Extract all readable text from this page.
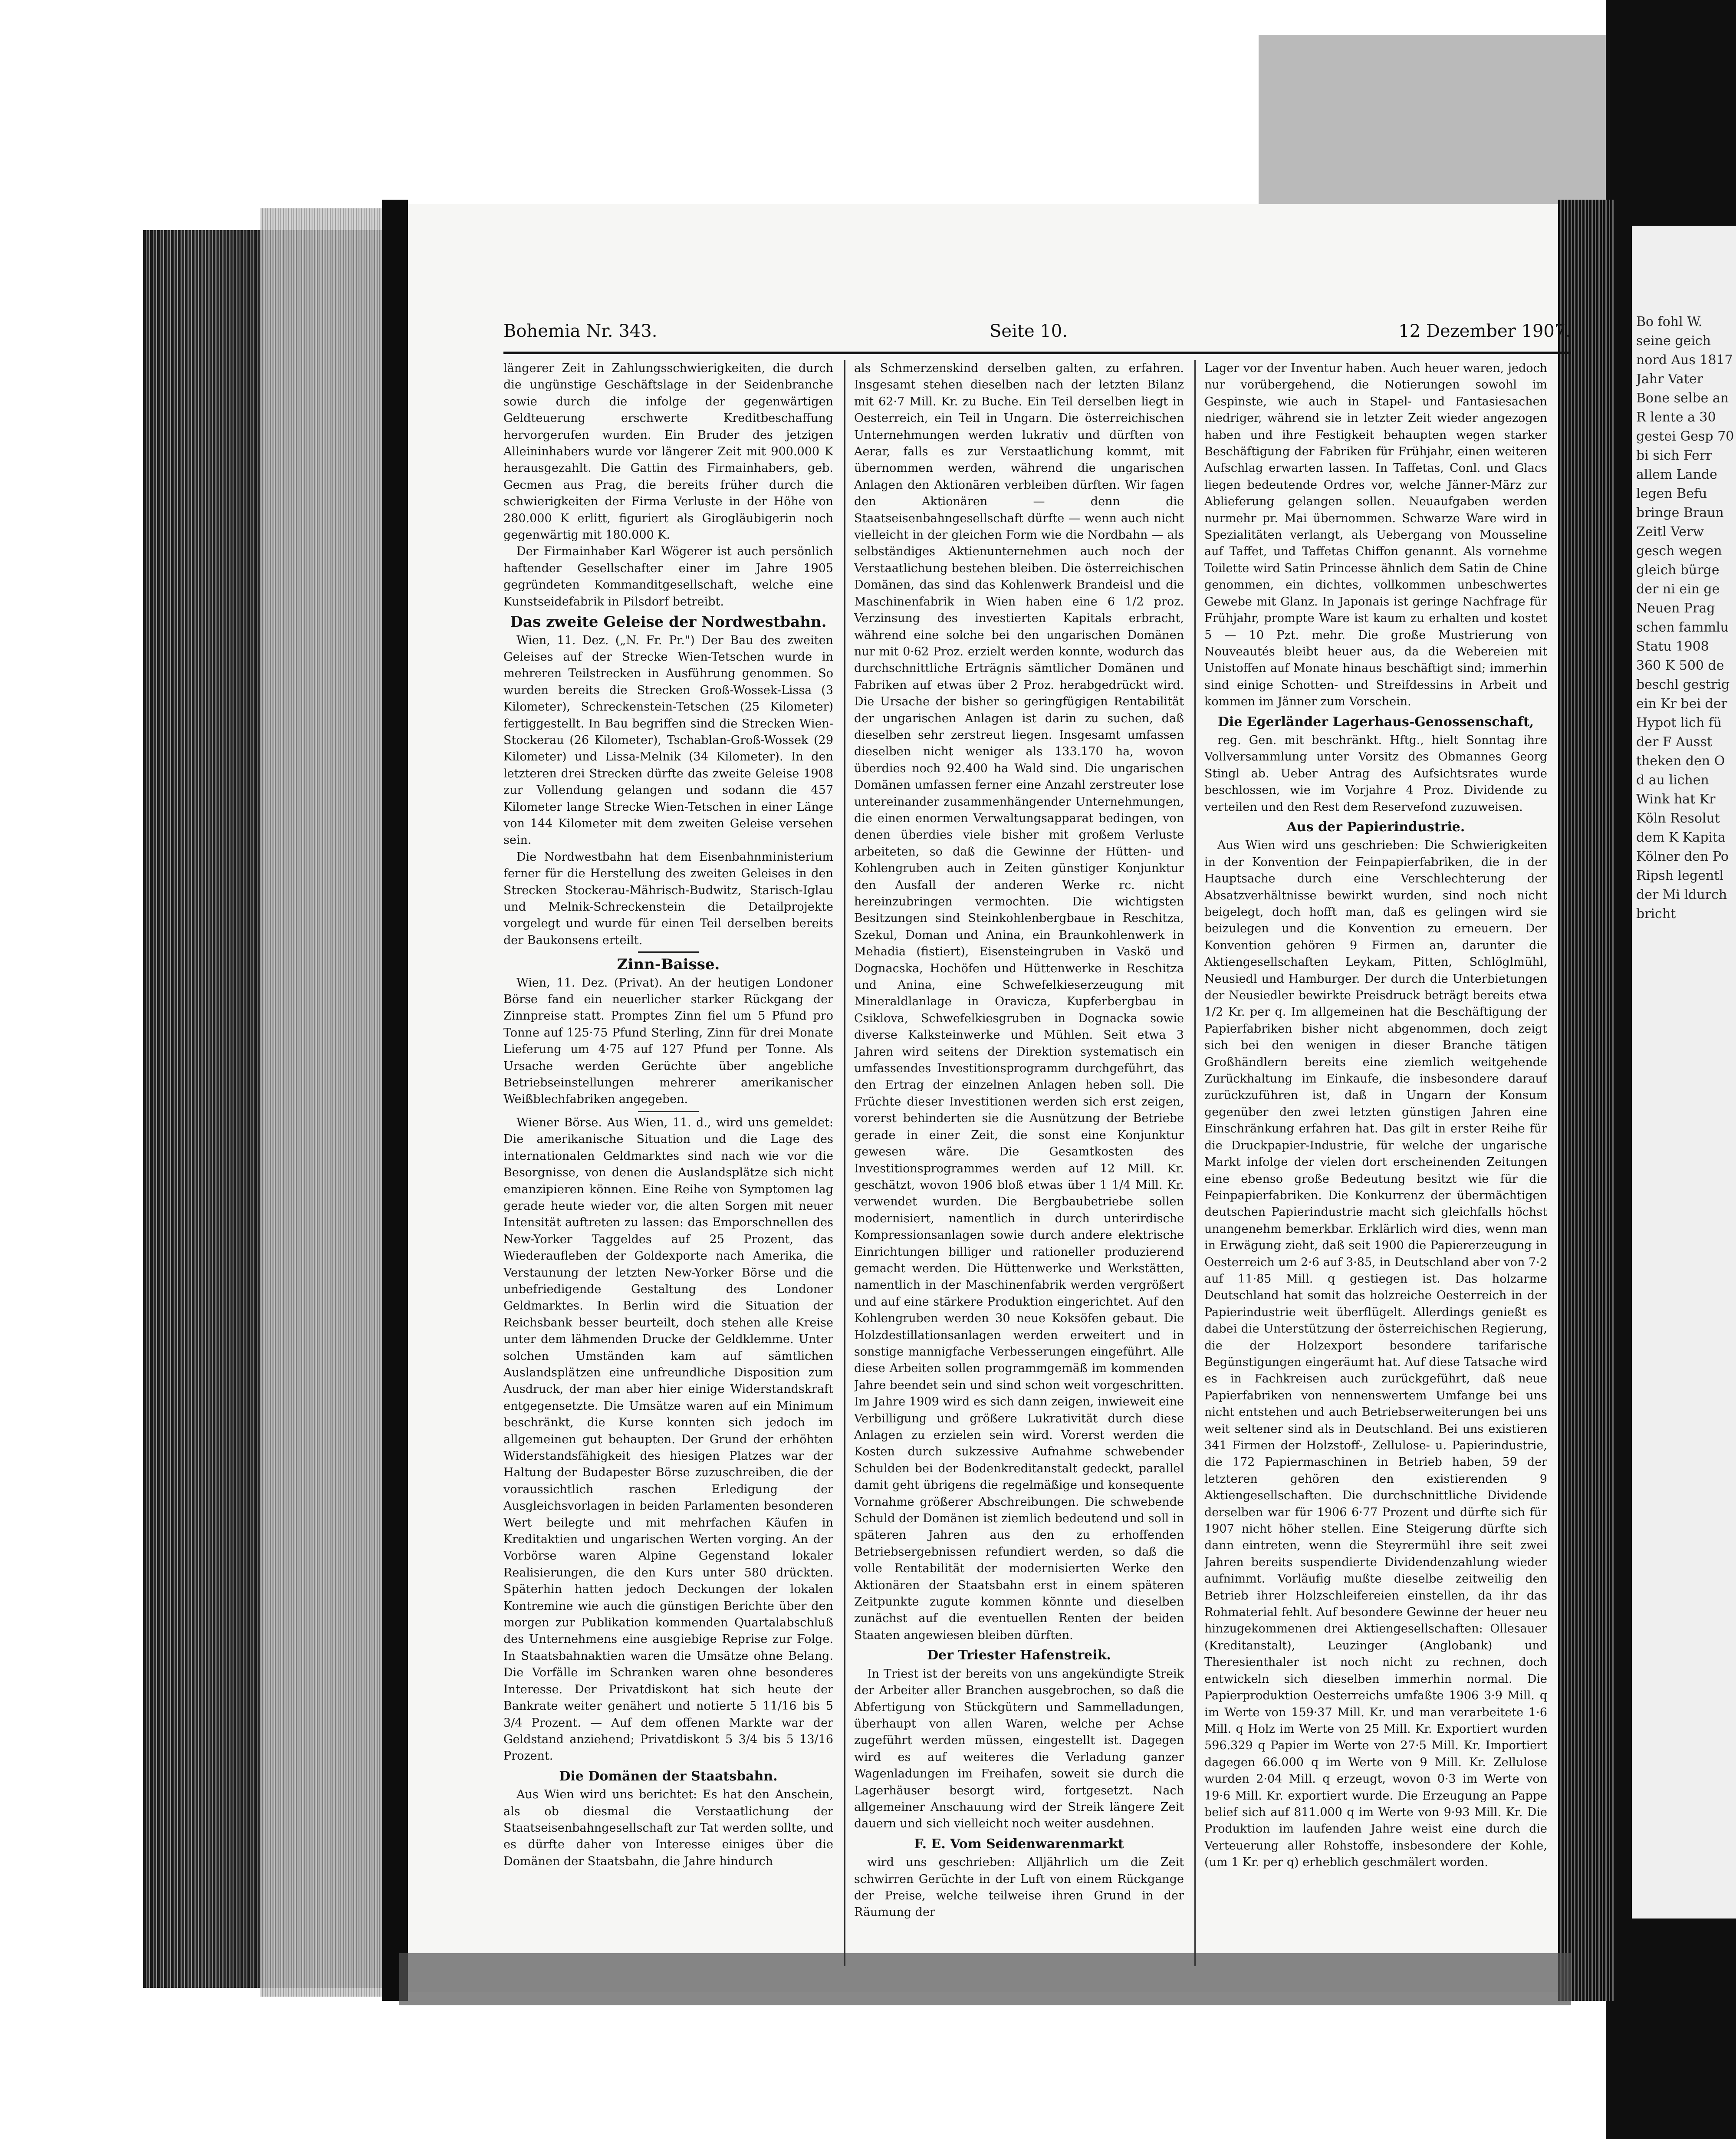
Bohemia Nr. 343.	Seite 10.	12 Dezember 1907.

längerer Zeit in Zahlungsschwierigkeiten, die durch die ungünstige Geschäftslage in der Seidenbranche sowie durch die infolge der gegenwärtigen Geldteuerung erschwerte Kreditbeschaffung hervorgerufen wurden. Ein Bruder des jetzigen Alleininhabers wurde vor längerer Zeit mit 900.000 K herausgezahlt. Die Gattin des Firmainhabers, geb. Gecmen aus Prag, die bereits früher durch die schwierigkeiten der Firma Verluste in der Höhe von 280.000 K erlitt, figuriert als Girogläubigerin noch gegenwärtig mit 180.000 K.

Der Firmainhaber Karl Wögerer ist auch persönlich haftender Gesellschafter einer im Jahre 1905 gegründeten Kommanditgesellschaft, welche eine Kunstseidefabrik in Pilsdorf betreibt.

Das zweite Geleise der Nordwestbahn.

Wien, 11. Dez. („N. Fr. Pr.") Der Bau des zweiten Geleises auf der Strecke Wien-Tetschen wurde in mehreren Teilstrecken in Ausführung genommen. So wurden bereits die Strecken Groß-Wossek-Lissa (3 Kilometer), Schreckenstein-Tetschen (25 Kilometer) fertiggestellt. In Bau begriffen sind die Strecken Wien-Stockerau (26 Kilometer), Tschablan-Groß-Wossek (29 Kilometer) und Lissa-Melnik (34 Kilometer). In den letzteren drei Strecken dürfte das zweite Geleise 1908 zur Vollendung gelangen und sodann die 457 Kilometer lange Strecke Wien-Tetschen in einer Länge von 144 Kilometer mit dem zweiten Geleise versehen sein.

Die Nordwestbahn hat dem Eisenbahnministerium ferner für die Herstellung des zweiten Geleises in den Strecken Stockerau-Mährisch-Budwitz, Starisch-Iglau und Melnik-Schreckenstein die Detailprojekte vorgelegt und wurde für einen Teil derselben bereits der Baukonsens erteilt.

Zinn-Baisse.

Wien, 11. Dez. (Privat). An der heutigen Londoner Börse fand ein neuerlicher starker Rückgang der Zinnpreise statt. Promptes Zinn fiel um 5 Pfund pro Tonne auf 125·75 Pfund Sterling, Zinn für drei Monate Lieferung um 4·75 auf 127 Pfund per Tonne. Als Ursache werden Gerüchte über angebliche Betriebseinstellungen mehrerer amerikanischer Weißblechfabriken angegeben.

Wiener Börse. Aus Wien, 11. d., wird uns gemeldet: Die amerikanische Situation und die Lage des internationalen Geldmarktes sind nach wie vor die Besorgnisse, von denen die Auslandsplätze sich nicht emanzipieren können. Eine Reihe von Symptomen lag gerade heute wieder vor, die alten Sorgen mit neuer Intensität auftreten zu lassen: das Emporschnellen des New-Yorker Taggeldes auf 25 Prozent, das Wiederaufleben der Goldexporte nach Amerika, die Verstaunung der letzten New-Yorker Börse und die unbefriedigende Gestaltung des Londoner Geldmarktes. In Berlin wird die Situation der Reichsbank besser beurteilt, doch stehen alle Kreise unter dem lähmenden Drucke der Geldklemme. Unter solchen Umständen kam auf sämtlichen Auslandsplätzen eine unfreundliche Disposition zum Ausdruck, der man aber hier einige Widerstandskraft entgegensetzte. Die Umsätze waren auf ein Minimum beschränkt, die Kurse konnten sich jedoch im allgemeinen gut behaupten. Der Grund der erhöhten Widerstandsfähigkeit des hiesigen Platzes war der Haltung der Budapester Börse zuzuschreiben, die der voraussichtlich raschen Erledigung der Ausgleichsvorlagen in beiden Parlamenten besonderen Wert beilegte und mit mehrfachen Käufen in Kreditaktien und ungarischen Werten vorging. An der Vorbörse waren Alpine Gegenstand lokaler Realisierungen, die den Kurs unter 580 drückten. Späterhin hatten jedoch Deckungen der lokalen Kontremine wie auch die günstigen Berichte über den morgen zur Publikation kommenden Quartalabschluß des Unternehmens eine ausgiebige Reprise zur Folge. In Staatsbahnaktien waren die Umsätze ohne Belang. Die Vorfälle im Schranken waren ohne besonderes Interesse. Der Privatdiskont hat sich heute der Bankrate weiter genähert und notierte 5 11/16 bis 5 3/4 Prozent. — Auf dem offenen Markte war der Geldstand anziehend; Privatdiskont 5 3/4 bis 5 13/16 Prozent.

Die Domänen der Staatsbahn.

Aus Wien wird uns berichtet: Es hat den Anschein, als ob diesmal die Verstaatlichung der Staatseisenbahngesellschaft zur Tat werden sollte, und es dürfte daher von Interesse einiges über die Domänen der Staatsbahn, die Jahre hindurch

als Schmerzenskind derselben galten, zu erfahren. Insgesamt stehen dieselben nach der letzten Bilanz mit 62·7 Mill. Kr. zu Buche. Ein Teil derselben liegt in Oesterreich, ein Teil in Ungarn. Die österreichischen Unternehmungen werden lukrativ und dürften von Aerar, falls es zur Verstaatlichung kommt, mit übernommen werden, während die ungarischen Anlagen den Aktionären verbleiben dürften. Wir fagen den Aktionären — denn die Staatseisenbahngesellschaft dürfte — wenn auch nicht vielleicht in der gleichen Form wie die Nordbahn — als selbständiges Aktienunternehmen auch noch der Verstaatlichung bestehen bleiben. Die österreichischen Domänen, das sind das Kohlenwerk Brandeisl und die Maschinenfabrik in Wien haben eine 6 1/2 proz. Verzinsung des investierten Kapitals erbracht, während eine solche bei den ungarischen Domänen nur mit 0·62 Proz. erzielt werden konnte, wodurch das durchschnittliche Erträgnis sämtlicher Domänen und Fabriken auf etwas über 2 Proz. herabgedrückt wird. Die Ursache der bisher so geringfügigen Rentabilität der ungarischen Anlagen ist darin zu suchen, daß dieselben sehr zerstreut liegen. Insgesamt umfassen dieselben nicht weniger als 133.170 ha, wovon überdies noch 92.400 ha Wald sind. Die ungarischen Domänen umfassen ferner eine Anzahl zerstreuter lose untereinander zusammenhängender Unternehmungen, die einen enormen Verwaltungsapparat bedingen, von denen überdies viele bisher mit großem Verluste arbeiteten, so daß die Gewinne der Hütten- und Kohlengruben auch in Zeiten günstiger Konjunktur den Ausfall der anderen Werke rc. nicht hereinzubringen vermochten. Die wichtigsten Besitzungen sind Steinkohlenbergbaue in Reschitza, Szekul, Doman und Anina, ein Braunkohlenwerk in Mehadia (fistiert), Eisensteingruben in Vaskö und Dognacska, Hochöfen und Hüttenwerke in Reschitza und Anina, eine Schwefelkieserzeugung mit Mineraldlanlage in Oravicza, Kupferbergbau in Csiklova, Schwefelkiesgruben in Dognacka sowie diverse Kalksteinwerke und Mühlen. Seit etwa 3 Jahren wird seitens der Direktion systematisch ein umfassendes Investitionsprogramm durchgeführt, das den Ertrag der einzelnen Anlagen heben soll. Die Früchte dieser Investitionen werden sich erst zeigen, vorerst behinderten sie die Ausnützung der Betriebe gerade in einer Zeit, die sonst eine Konjunktur gewesen wäre. Die Gesamtkosten des Investitionsprogrammes werden auf 12 Mill. Kr. geschätzt, wovon 1906 bloß etwas über 1 1/4 Mill. Kr. verwendet wurden. Die Bergbaubetriebe sollen modernisiert, namentlich in durch unterirdische Kompressionsanlagen sowie durch andere elektrische Einrichtungen billiger und rationeller produzierend gemacht werden. Die Hüttenwerke und Werkstätten, namentlich in der Maschinenfabrik werden vergrößert und auf eine stärkere Produktion eingerichtet. Auf den Kohlengruben werden 30 neue Koksöfen gebaut. Die Holzdestillationsanlagen werden erweitert und in sonstige mannigfache Verbesserungen eingeführt. Alle diese Arbeiten sollen programmgemäß im kommenden Jahre beendet sein und sind schon weit vorgeschritten. Im Jahre 1909 wird es sich dann zeigen, inwieweit eine Verbilligung und größere Lukrativität durch diese Anlagen zu erzielen sein wird. Vorerst werden die Kosten durch sukzessive Aufnahme schwebender Schulden bei der Bodenkreditanstalt gedeckt, parallel damit geht übrigens die regelmäßige und konsequente Vornahme größerer Abschreibungen. Die schwebende Schuld der Domänen ist ziemlich bedeutend und soll in späteren Jahren aus den zu erhoffenden Betriebsergebnissen refundiert werden, so daß die volle Rentabilität der modernisierten Werke den Aktionären der Staatsbahn erst in einem späteren Zeitpunkte zugute kommen könnte und dieselben zunächst auf die eventuellen Renten der beiden Staaten angewiesen bleiben dürften.

Der Triester Hafenstreik.

In Triest ist der bereits von uns angekündigte Streik der Arbeiter aller Branchen ausgebrochen, so daß die Abfertigung von Stückgütern und Sammelladungen, überhaupt von allen Waren, welche per Achse zugeführt werden müssen, eingestellt ist. Dagegen wird es auf weiteres die Verladung ganzer Wagenladungen im Freihafen, soweit sie durch die Lagerhäuser besorgt wird, fortgesetzt. Nach allgemeiner Anschauung wird der Streik längere Zeit dauern und sich vielleicht noch weiter ausdehnen.

F. E. Vom Seidenwarenmarkt

wird uns geschrieben: Alljährlich um die Zeit schwirren Gerüchte in der Luft von einem Rückgange der Preise, welche teilweise ihren Grund in der Räumung der

Lager vor der Inventur haben. Auch heuer waren, jedoch nur vorübergehend, die Notierungen sowohl im Gespinste, wie auch in Stapel- und Fantasiesachen niedriger, während sie in letzter Zeit wieder angezogen haben und ihre Festigkeit behaupten wegen starker Beschäftigung der Fabriken für Frühjahr, einen weiteren Aufschlag erwarten lassen. In Taffetas, Conl. und Glacs liegen bedeutende Ordres vor, welche Jänner-März zur Ablieferung gelangen sollen. Neuaufgaben werden nurmehr pr. Mai übernommen. Schwarze Ware wird in Spezialitäten verlangt, als Uebergang von Mousseline auf Taffet, und Taffetas Chiffon genannt. Als vornehme Toilette wird Satin Princesse ähnlich dem Satin de Chine genommen, ein dichtes, vollkommen unbeschwertes Gewebe mit Glanz. In Japonais ist geringe Nachfrage für Frühjahr, prompte Ware ist kaum zu erhalten und kostet 5 — 10 Pzt. mehr. Die große Mustrierung von Nouveautés bleibt heuer aus, da die Webereien mit Unistoffen auf Monate hinaus beschäftigt sind; immerhin sind einige Schotten- und Streifdessins in Arbeit und kommen im Jänner zum Vorschein.

Die Egerländer Lagerhaus-Genossenschaft,

reg. Gen. mit beschränkt. Hftg., hielt Sonntag ihre Vollversammlung unter Vorsitz des Obmannes Georg Stingl ab. Ueber Antrag des Aufsichtsrates wurde beschlossen, wie im Vorjahre 4 Proz. Dividende zu verteilen und den Rest dem Reservefond zuzuweisen.

Aus der Papierindustrie.

Aus Wien wird uns geschrieben: Die Schwierigkeiten in der Konvention der Feinpapierfabriken, die in der Hauptsache durch eine Verschlechterung der Absatzverhältnisse bewirkt wurden, sind noch nicht beigelegt, doch hofft man, daß es gelingen wird sie beizulegen und die Konvention zu erneuern. Der Konvention gehören 9 Firmen an, darunter die Aktiengesellschaften Leykam, Pitten, Schlöglmühl, Neusiedl und Hamburger. Der durch die Unterbietungen der Neusiedler bewirkte Preisdruck beträgt bereits etwa 1/2 Kr. per q. Im allgemeinen hat die Beschäftigung der Papierfabriken bisher nicht abgenommen, doch zeigt sich bei den wenigen in dieser Branche tätigen Großhändlern bereits eine ziemlich weitgehende Zurückhaltung im Einkaufe, die insbesondere darauf zurückzuführen ist, daß in Ungarn der Konsum gegenüber den zwei letzten günstigen Jahren eine Einschränkung erfahren hat. Das gilt in erster Reihe für die Druckpapier-Industrie, für welche der ungarische Markt infolge der vielen dort erscheinenden Zeitungen eine ebenso große Bedeutung besitzt wie für die Feinpapierfabriken. Die Konkurrenz der übermächtigen deutschen Papierindustrie macht sich gleichfalls höchst unangenehm bemerkbar. Erklärlich wird dies, wenn man in Erwägung zieht, daß seit 1900 die Papiererzeugung in Oesterreich um 2·6 auf 3·85, in Deutschland aber von 7·2 auf 11·85 Mill. q gestiegen ist. Das holzarme Deutschland hat somit das holzreiche Oesterreich in der Papierindustrie weit überflügelt. Allerdings genießt es dabei die Unterstützung der österreichischen Regierung, die der Holzexport besondere tarifarische Begünstigungen eingeräumt hat. Auf diese Tatsache wird es in Fachkreisen auch zurückgeführt, daß neue Papierfabriken von nennenswertem Umfange bei uns nicht entstehen und auch Betriebserweiterungen bei uns weit seltener sind als in Deutschland. Bei uns existieren 341 Firmen der Holzstoff-, Zellulose- u. Papierindustrie, die 172 Papiermaschinen in Betrieb haben, 59 der letzteren gehören den existierenden 9 Aktiengesellschaften. Die durchschnittliche Dividende derselben war für 1906 6·77 Prozent und dürfte sich für 1907 nicht höher stellen. Eine Steigerung dürfte sich dann eintreten, wenn die Steyrermühl ihre seit zwei Jahren bereits suspendierte Dividendenzahlung wieder aufnimmt. Vorläufig mußte dieselbe zeitweilig den Betrieb ihrer Holzschleifereien einstellen, da ihr das Rohmaterial fehlt. Auf besondere Gewinne der heuer neu hinzugekommenen drei Aktiengesellschaften: Ollesauer (Kreditanstalt), Leuzinger (Anglobank) und Theresienthaler ist noch nicht zu rechnen, doch entwickeln sich dieselben immerhin normal. Die Papierproduktion Oesterreichs umfaßte 1906 3·9 Mill. q im Werte von 159·37 Mill. Kr. und man verarbeitete 1·6 Mill. q Holz im Werte von 25 Mill. Kr. Exportiert wurden 596.329 q Papier im Werte von 27·5 Mill. Kr. Importiert dagegen 66.000 q im Werte von 9 Mill. Kr. Zellulose wurden 2·04 Mill. q erzeugt, wovon 0·3 im Werte von 19·6 Mill. Kr. exportiert wurde. Die Erzeugung an Pappe belief sich auf 811.000 q im Werte von 9·93 Mill. Kr. Die Produktion im laufenden Jahre weist eine durch die Verteuerung aller Rohstoffe, insbesondere der Kohle, (um 1 Kr. per q) erheblich geschmälert worden.

Bo fohl W. seine geich nord Aus 1817 Jahr Vater Bone selbe an R lente a 30 gestei Gesp 70 bi sich Ferr allem Lande legen Befu bringe Braun Zeitl Verw gesch wegen gleich bürge der ni ein ge Neuen Prag schen fammlu Statu 1908 360 K 500 de beschl gestrig ein Kr bei der Hypot lich fü der F Ausst theken den O d au lichen Wink hat Kr Köln Resolut dem K Kapita Kölner den Po Ripsh legentl der Mi ldurch bricht
